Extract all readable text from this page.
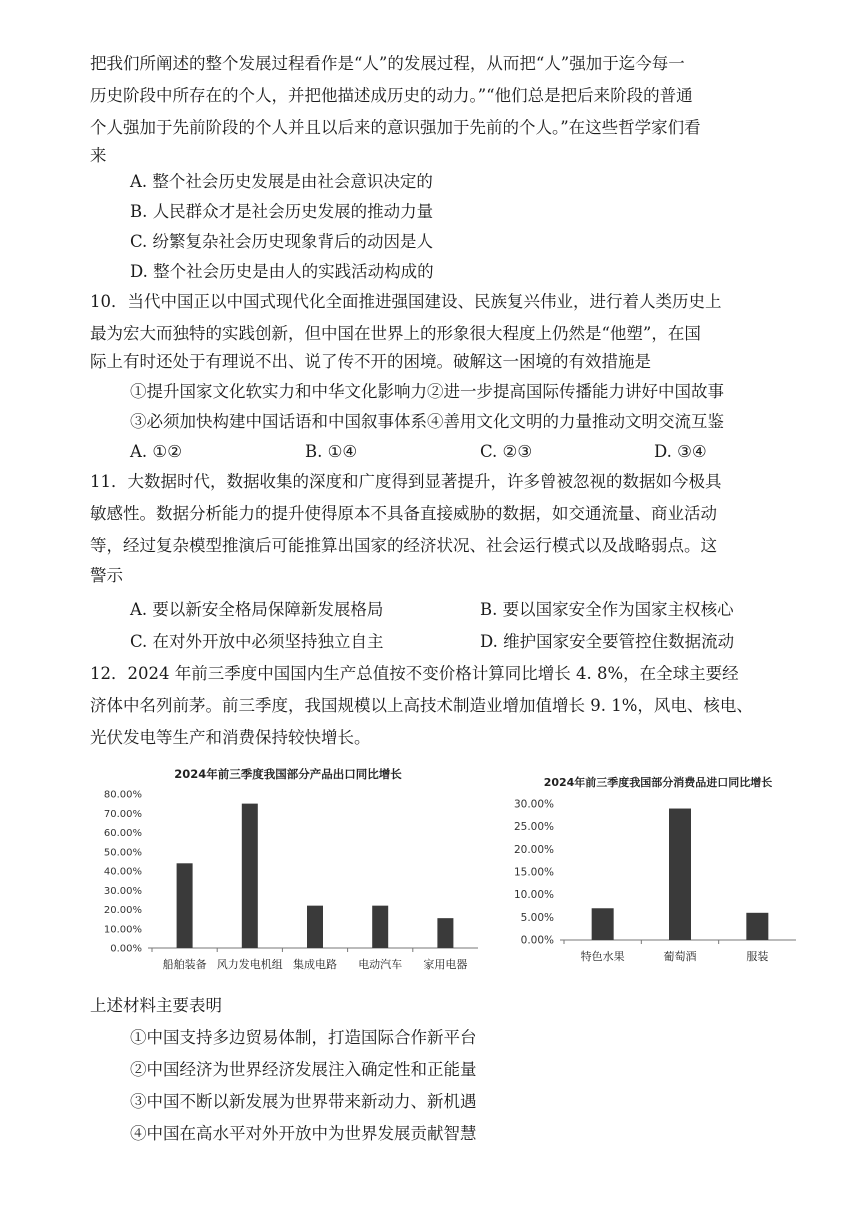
把我们所阐述的整个发展过程看作是“人”的发展过程，从而把“人”强加于迄今每一
历史阶段中所存在的个人，并把他描述成历史的动力。”“他们总是把后来阶段的普通
个人强加于先前阶段的个人并且以后来的意识强加于先前的个人。”在这些哲学家们看
来
A. 整个社会历史发展是由社会意识决定的
B. 人民群众才是社会历史发展的推动力量
C. 纷繁复杂社会历史现象背后的动因是人
D. 整个社会历史是由人的实践活动构成的
10．当代中国正以中国式现代化全面推进强国建设、民族复兴伟业，进行着人类历史上
最为宏大而独特的实践创新，但中国在世界上的形象很大程度上仍然是“他塑”，在国
际上有时还处于有理说不出、说了传不开的困境。破解这一困境的有效措施是
①提升国家文化软实力和中华文化影响力②进一步提高国际传播能力讲好中国故事
③必须加快构建中国话语和中国叙事体系④善用文化文明的力量推动文明交流互鉴
A. ①②	B. ①④	C. ②③	D. ③④
11．大数据时代，数据收集的深度和广度得到显著提升，许多曾被忽视的数据如今极具
敏感性。数据分析能力的提升使得原本不具备直接威胁的数据，如交通流量、商业活动
等，经过复杂模型推演后可能推算出国家的经济状况、社会运行模式以及战略弱点。这
警示
A. 要以新安全格局保障新发展格局	B. 要以国家安全作为国家主权核心
C. 在对外开放中必须坚持独立自主	D. 维护国家安全要管控住数据流动
12．2024 年前三季度中国国内生产总值按不变价格计算同比增长 4. 8%，在全球主要经
济体中名列前茅。前三季度，我国规模以上高技术制造业增加值增长 9. 1%，风电、核电、
光伏发电等生产和消费保持较快增长。
2024年前三季度我国部分产品出口同比增长
80.00%
70.00%
60.00%
50.00%
40.00%
30.00%
20.00%
10.00%
0.00%
船舶装备 风力发电机组 集成电路 电动汽车 家用电器
2024年前三季度我国部分消费品进口同比增长
30.00%
25.00%
20.00%
15.00%
10.00%
5.00%
0.00%
特色水果	葡萄酒	服装
上述材料主要表明
①中国支持多边贸易体制，打造国际合作新平台
②中国经济为世界经济发展注入确定性和正能量
③中国不断以新发展为世界带来新动力、新机遇
④中国在高水平对外开放中为世界发展贡献智慧
